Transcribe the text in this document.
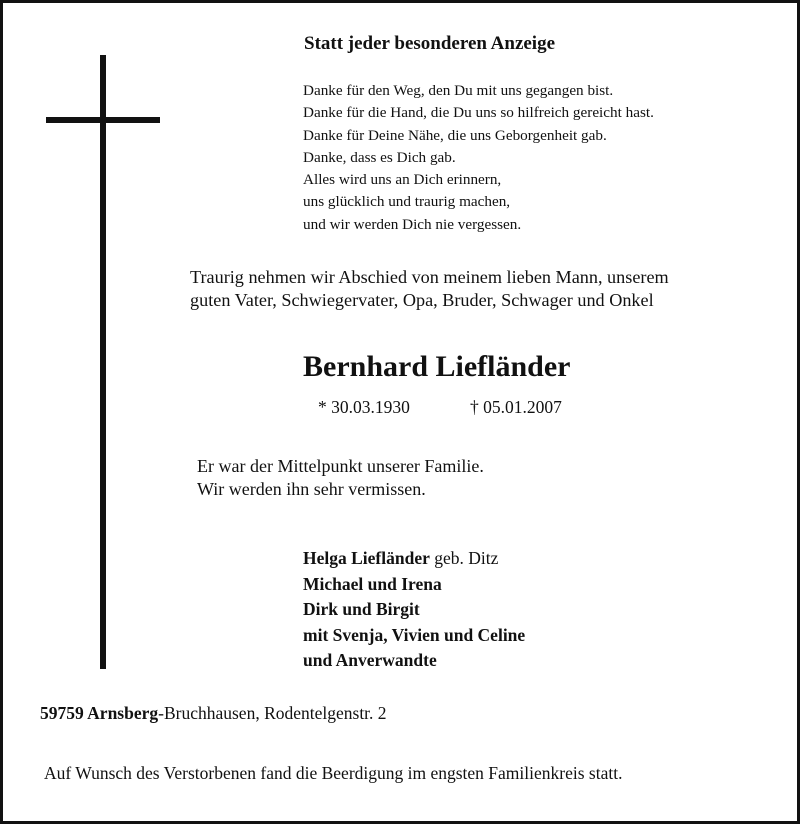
Statt jeder besonderen Anzeige
Danke für den Weg, den Du mit uns gegangen bist.
Danke für die Hand, die Du uns so hilfreich gereicht hast.
Danke für Deine Nähe, die uns Geborgenheit gab.
Danke, dass es Dich gab.
Alles wird uns an Dich erinnern,
uns glücklich und traurig machen,
und wir werden Dich nie vergessen.
Traurig nehmen wir Abschied von meinem lieben Mann, unserem
guten Vater, Schwiegervater, Opa, Bruder, Schwager und Onkel
Bernhard Liefländer
* 30.03.1930	† 05.01.2007
Er war der Mittelpunkt unserer Familie.
Wir werden ihn sehr vermissen.
Helga Liefländer geb. Ditz
Michael und Irena
Dirk und Birgit
mit Svenja, Vivien und Celine
und Anverwandte
59759 Arnsberg-Bruchhausen, Rodentelgenstr. 2
Auf Wunsch des Verstorbenen fand die Beerdigung im engsten Familienkreis statt.
